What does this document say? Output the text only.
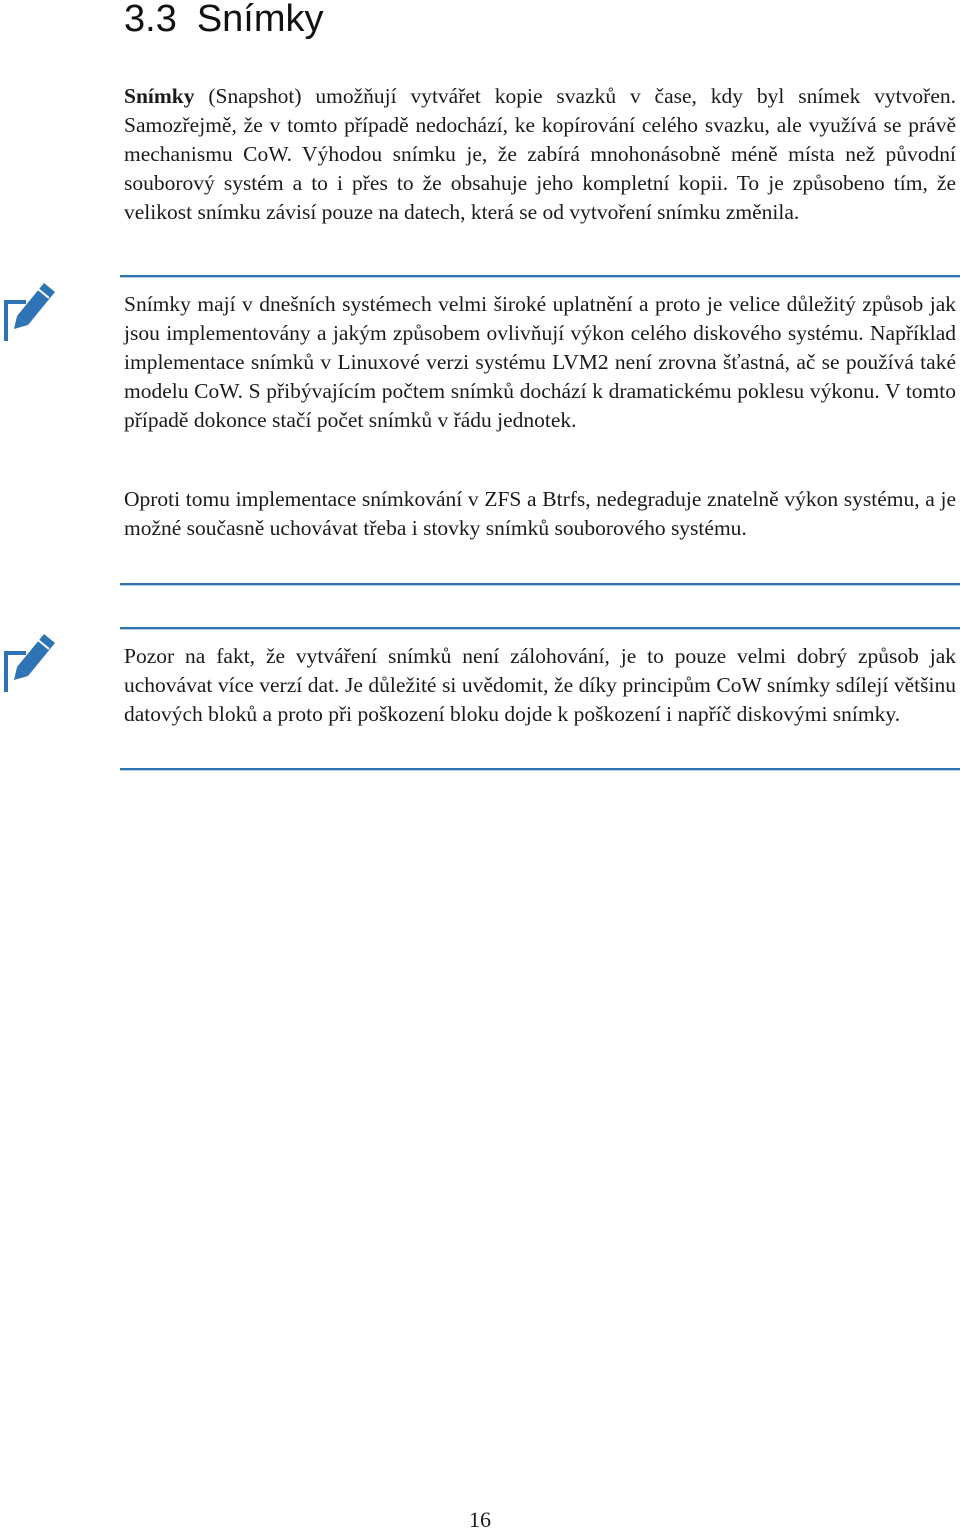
3.3 Snímky

Snímky (Snapshot) umožňují vytvářet kopie svazků v čase, kdy byl snímek vytvořen. Samozřejmě, že v tomto případě nedochází, ke kopírování celého svazku, ale využívá se právě mechanismu CoW. Výhodou snímku je, že zabírá mnohonásobně méně místa než původní souborový systém a to i přes to že obsahuje jeho kompletní kopii. To je způsobeno tím, že velikost snímku závisí pouze na datech, která se od vytvoření snímku změnila.

Snímky mají v dnešních systémech velmi široké uplatnění a proto je velice důležitý způsob jak jsou implementovány a jakým způsobem ovlivňují výkon celého diskového systému. Například implementace snímků v Linuxové verzi systému LVM2 není zrovna šťastná, ač se používá také modelu CoW. S přibývajícím počtem snímků dochází k dramatickému poklesu výkonu. V tomto případě dokonce stačí počet snímků v řádu jednotek.

Oproti tomu implementace snímkování v ZFS a Btrfs, nedegraduje znatelně výkon systému, a je možné současně uchovávat třeba i stovky snímků souborového systému.

Pozor na fakt, že vytváření snímků není zálohování, je to pouze velmi dobrý způsob jak uchovávat více verzí dat. Je důležité si uvědomit, že díky principům CoW snímky sdílejí většinu datových bloků a proto při poškození bloku dojde k poškození i napříč diskovými snímky.

16
